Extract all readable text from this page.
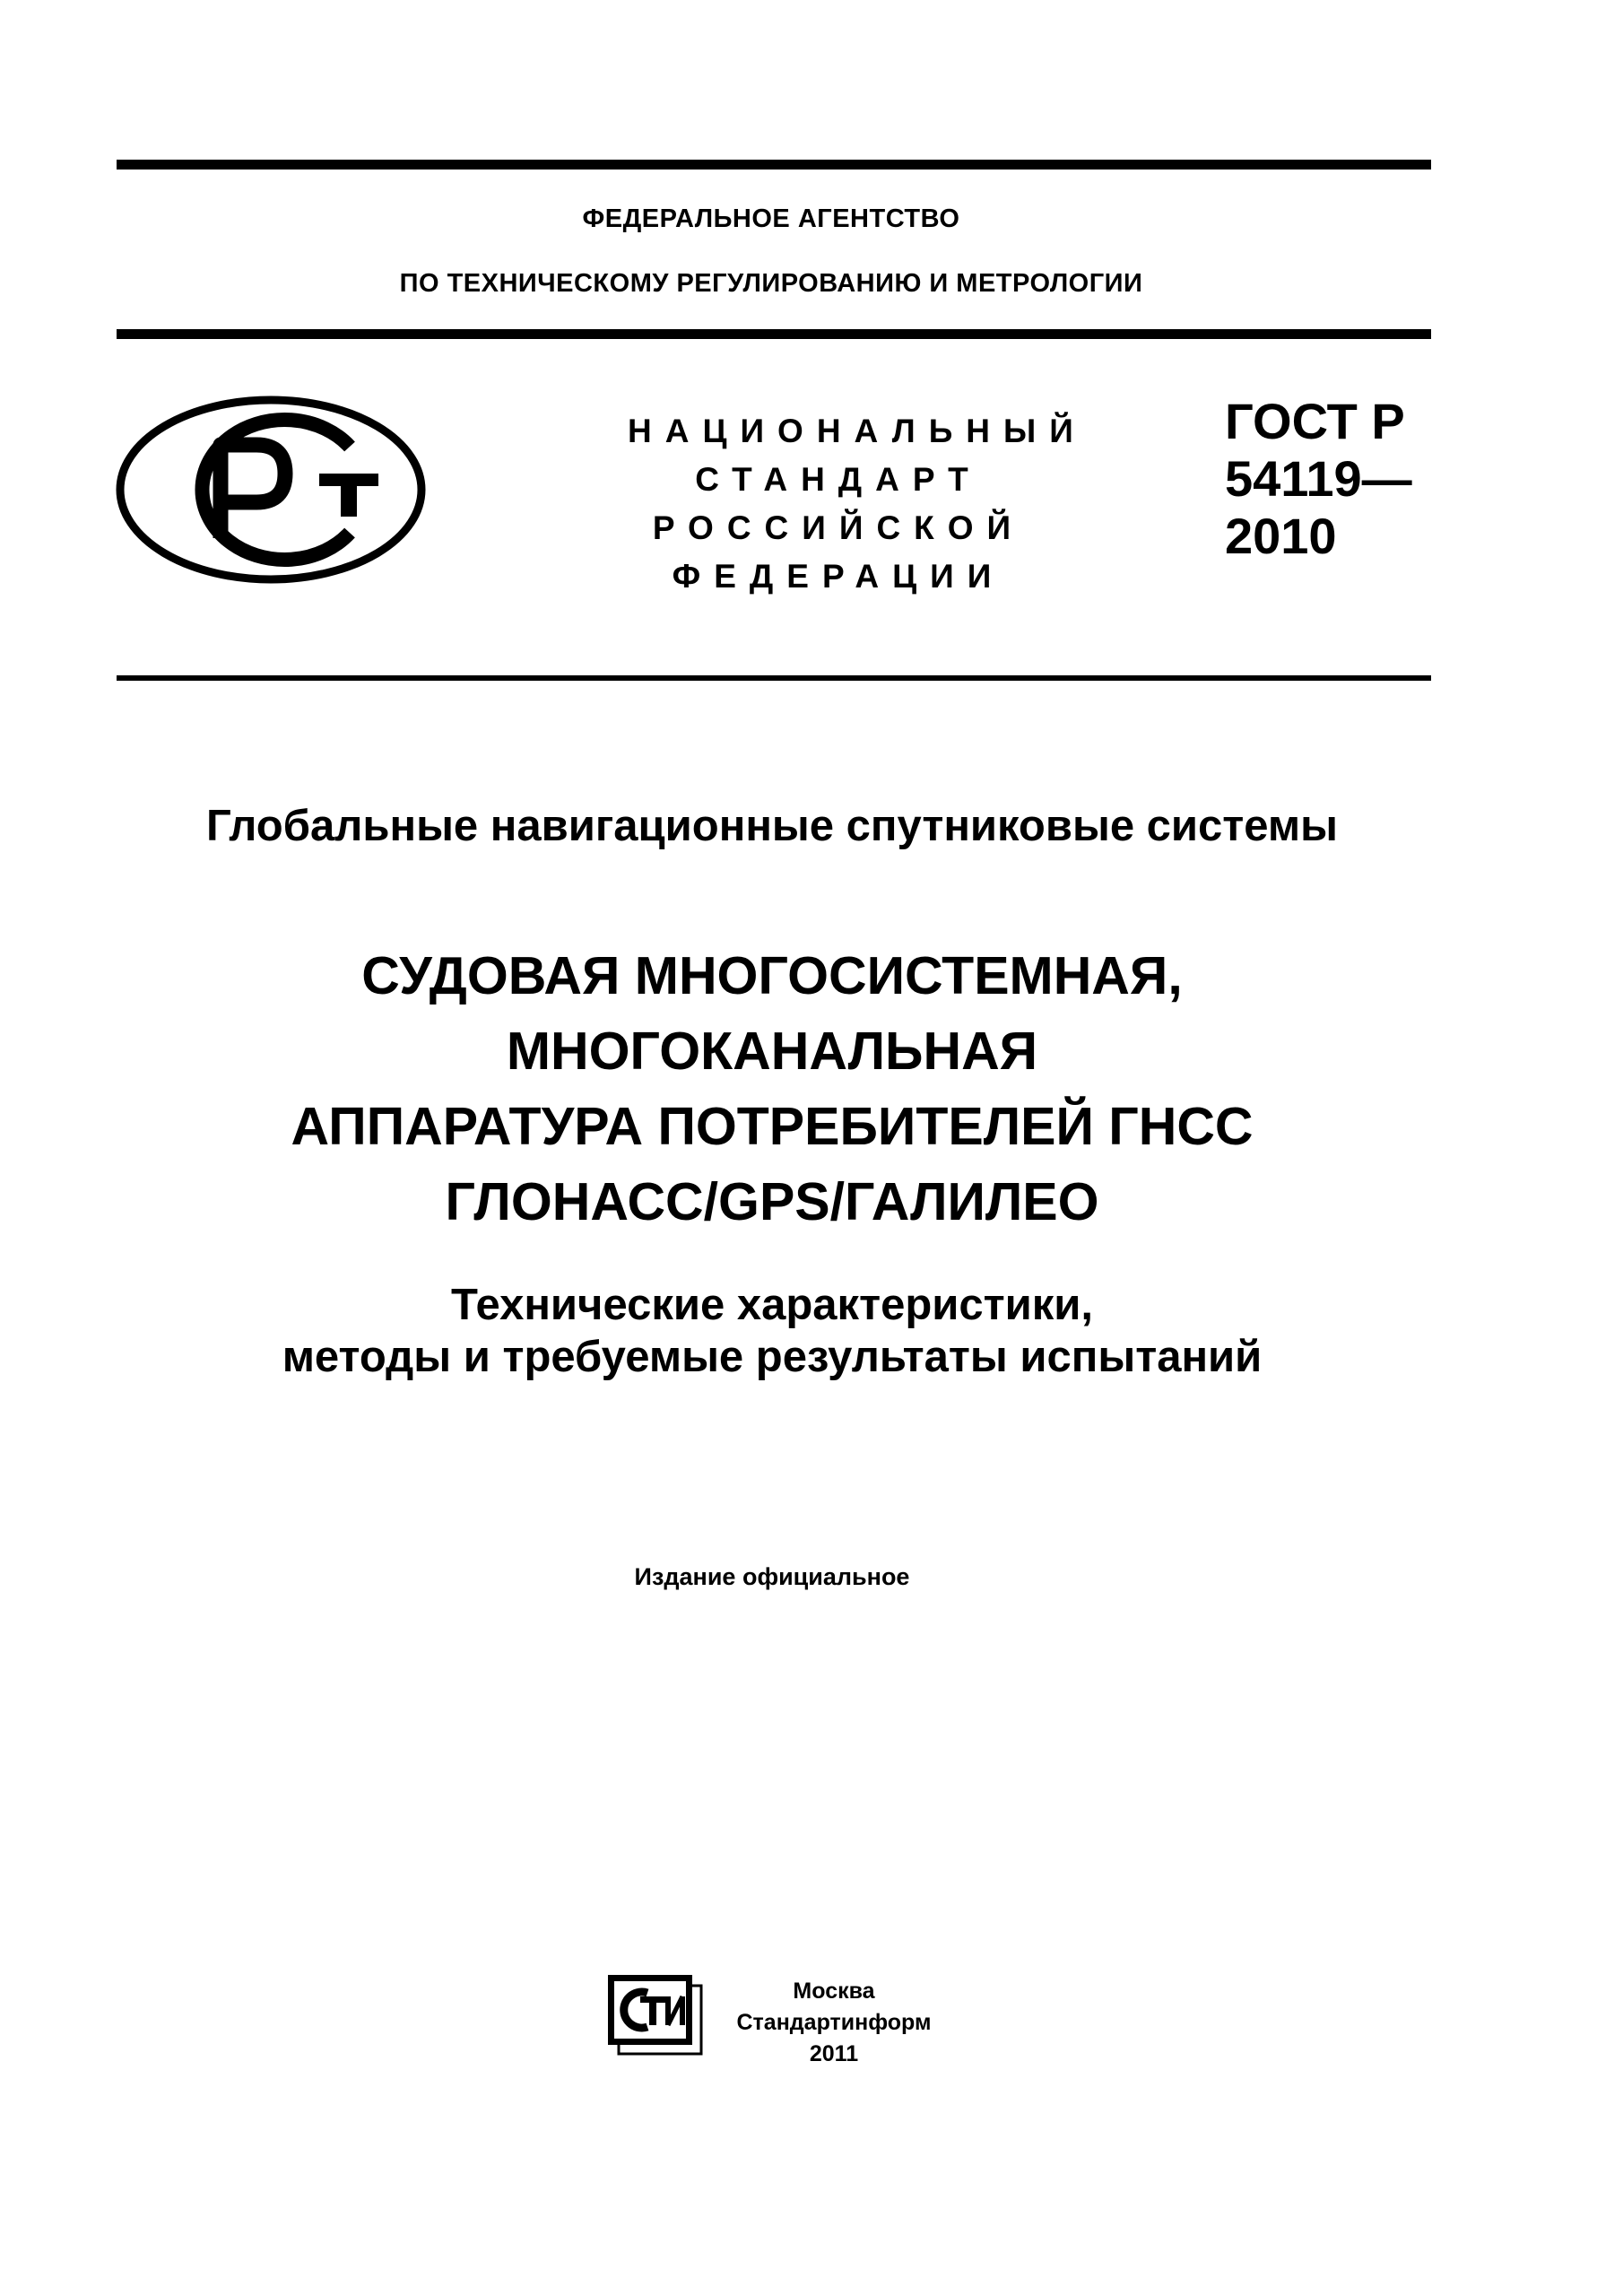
ФЕДЕРАЛЬНОЕ АГЕНТСТВО
ПО ТЕХНИЧЕСКОМУ РЕГУЛИРОВАНИЮ И МЕТРОЛОГИИ
НАЦИОНАЛЬНЫЙ
СТАНДАРТ
РОССИЙСКОЙ
ФЕДЕРАЦИИ
ГОСТ Р
54119—
2010
Глобальные навигационные спутниковые системы
СУДОВАЯ МНОГОСИСТЕМНАЯ,
МНОГОКАНАЛЬНАЯ
АППАРАТУРА ПОТРЕБИТЕЛЕЙ ГНСС
ГЛОНАСС/GPS/ГАЛИЛЕО
Технические характеристики,
методы и требуемые результаты испытаний
Издание официальное
Москва
Стандартинформ
2011
